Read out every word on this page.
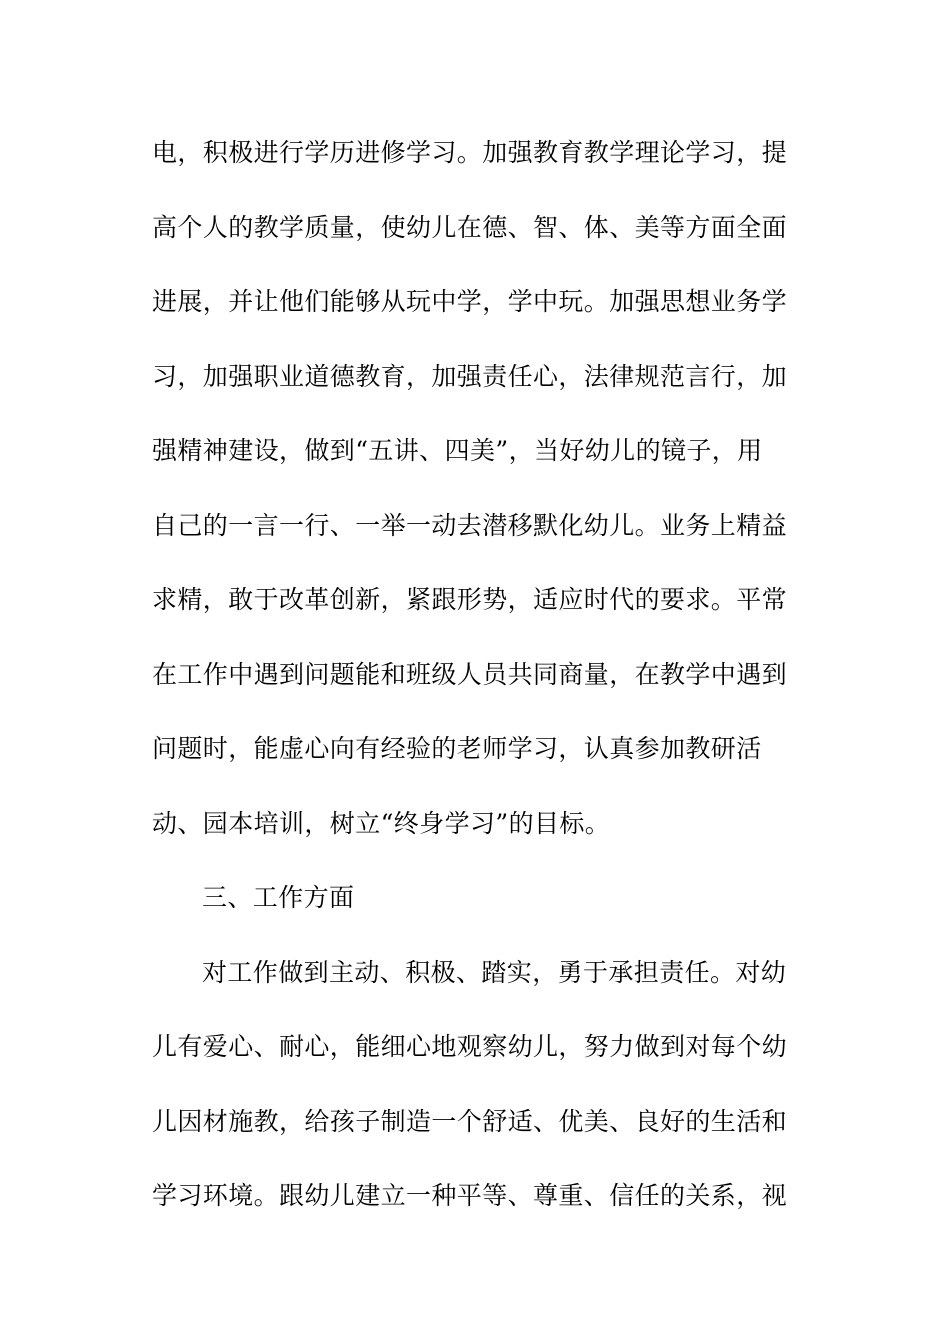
电，积极进行学历进修学习。加强教育教学理论学习，提
高个人的教学质量，使幼儿在德、智、体、美等方面全面
进展，并让他们能够从玩中学，学中玩。加强思想业务学
习，加强职业道德教育，加强责任心，法律规范言行，加
强精神建设，做到“五讲、四美”，当好幼儿的镜子，用
自己的一言一行、一举一动去潜移默化幼儿。业务上精益
求精，敢于改革创新，紧跟形势，适应时代的要求。平常
在工作中遇到问题能和班级人员共同商量，在教学中遇到
问题时，能虚心向有经验的老师学习，认真参加教研活
动、园本培训，树立“终身学习”的目标。
三、工作方面
对工作做到主动、积极、踏实，勇于承担责任。对幼
儿有爱心、耐心，能细心地观察幼儿，努力做到对每个幼
儿因材施教，给孩子制造一个舒适、优美、良好的生活和
学习环境。跟幼儿建立一种平等、尊重、信任的关系，视
